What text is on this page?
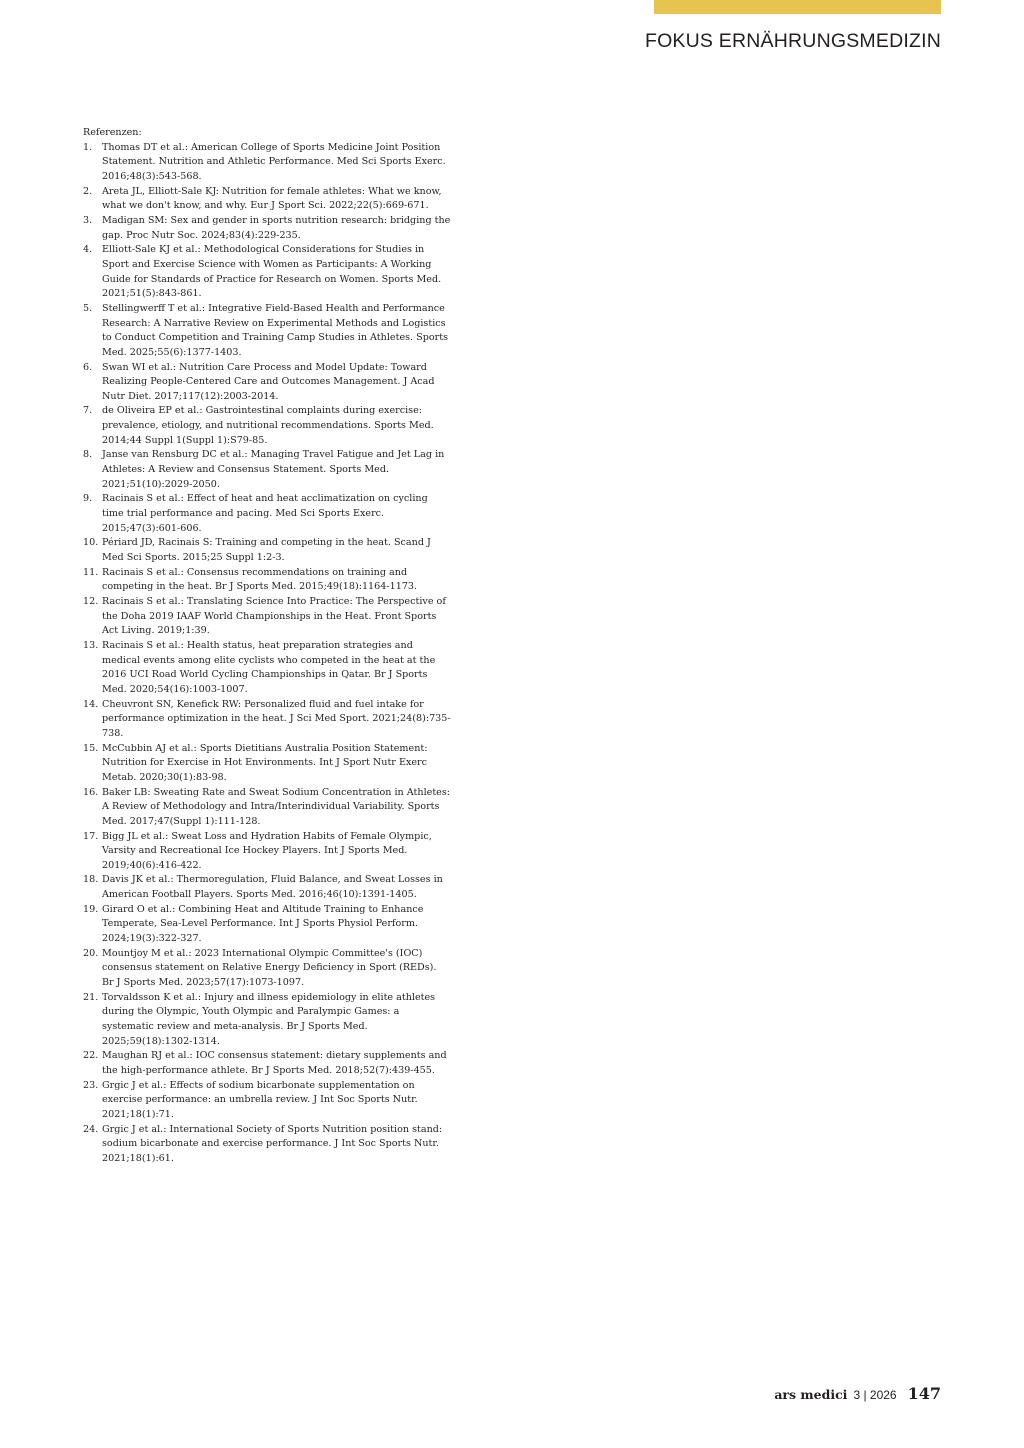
FOKUS ERNÄHRUNGSMEDIZIN

Referenzen:

1. Thomas DT et al.: American College of Sports Medicine Joint Position Statement. Nutrition and Athletic Performance. Med Sci Sports Exerc. 2016;48(3):543-568.
2. Areta JL, Elliott-Sale KJ: Nutrition for female athletes: What we know, what we don't know, and why. Eur J Sport Sci. 2022;22(5):669-671.
3. Madigan SM: Sex and gender in sports nutrition research: bridging the gap. Proc Nutr Soc. 2024;83(4):229-235.
4. Elliott-Sale KJ et al.: Methodological Considerations for Studies in Sport and Exercise Science with Women as Participants: A Working Guide for Standards of Practice for Research on Women. Sports Med. 2021;51(5):843-861.
5. Stellingwerff T et al.: Integrative Field-Based Health and Performance Research: A Narrative Review on Experimental Methods and Logistics to Conduct Competition and Training Camp Studies in Athletes. Sports Med. 2025;55(6):1377-1403.
6. Swan WI et al.: Nutrition Care Process and Model Update: Toward Realizing People-Centered Care and Outcomes Management. J Acad Nutr Diet. 2017;117(12):2003-2014.
7. de Oliveira EP et al.: Gastrointestinal complaints during exercise: prevalence, etiology, and nutritional recommendations. Sports Med. 2014;44 Suppl 1(Suppl 1):S79-85.
8. Janse van Rensburg DC et al.: Managing Travel Fatigue and Jet Lag in Athletes: A Review and Consensus Statement. Sports Med. 2021;51(10):2029-2050.
9. Racinais S et al.: Effect of heat and heat acclimatization on cycling time trial performance and pacing. Med Sci Sports Exerc. 2015;47(3):601-606.
10. Périard JD, Racinais S: Training and competing in the heat. Scand J Med Sci Sports. 2015;25 Suppl 1:2-3.
11. Racinais S et al.: Consensus recommendations on training and competing in the heat. Br J Sports Med. 2015;49(18):1164-1173.
12. Racinais S et al.: Translating Science Into Practice: The Perspective of the Doha 2019 IAAF World Championships in the Heat. Front Sports Act Living. 2019;1:39.
13. Racinais S et al.: Health status, heat preparation strategies and medical events among elite cyclists who competed in the heat at the 2016 UCI Road World Cycling Championships in Qatar. Br J Sports Med. 2020;54(16):1003-1007.
14. Cheuvront SN, Kenefick RW: Personalized fluid and fuel intake for performance optimization in the heat. J Sci Med Sport. 2021;24(8):735-738.
15. McCubbin AJ et al.: Sports Dietitians Australia Position Statement: Nutrition for Exercise in Hot Environments. Int J Sport Nutr Exerc Metab. 2020;30(1):83-98.
16. Baker LB: Sweating Rate and Sweat Sodium Concentration in Athletes: A Review of Methodology and Intra/Interindividual Variability. Sports Med. 2017;47(Suppl 1):111-128.
17. Bigg JL et al.: Sweat Loss and Hydration Habits of Female Olympic, Varsity and Recreational Ice Hockey Players. Int J Sports Med. 2019;40(6):416-422.
18. Davis JK et al.: Thermoregulation, Fluid Balance, and Sweat Losses in American Football Players. Sports Med. 2016;46(10):1391-1405.
19. Girard O et al.: Combining Heat and Altitude Training to Enhance Temperate, Sea-Level Performance. Int J Sports Physiol Perform. 2024;19(3):322-327.
20. Mountjoy M et al.: 2023 International Olympic Committee's (IOC) consensus statement on Relative Energy Deficiency in Sport (REDs). Br J Sports Med. 2023;57(17):1073-1097.
21. Torvaldsson K et al.: Injury and illness epidemiology in elite athletes during the Olympic, Youth Olympic and Paralympic Games: a systematic review and meta-analysis. Br J Sports Med. 2025;59(18):1302-1314.
22. Maughan RJ et al.: IOC consensus statement: dietary supplements and the high-performance athlete. Br J Sports Med. 2018;52(7):439-455.
23. Grgic J et al.: Effects of sodium bicarbonate supplementation on exercise performance: an umbrella review. J Int Soc Sports Nutr. 2021;18(1):71.
24. Grgic J et al.: International Society of Sports Nutrition position stand: sodium bicarbonate and exercise performance. J Int Soc Sports Nutr. 2021;18(1):61.
ars medici 3 | 2026 147
